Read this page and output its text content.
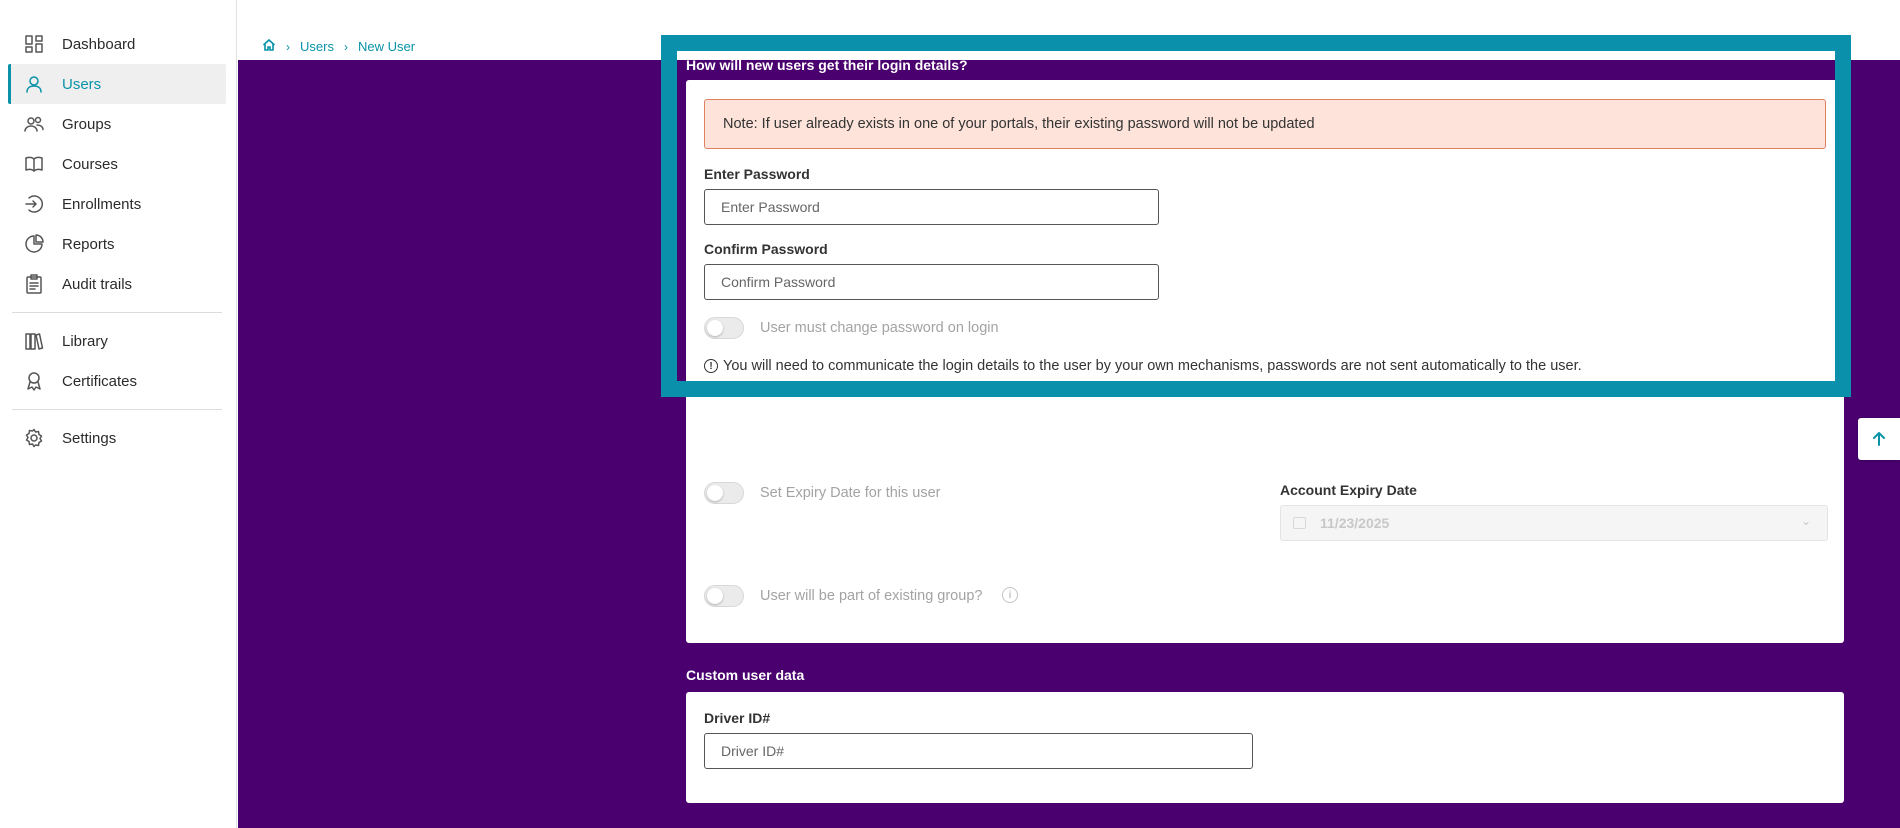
Dashboard
Users
Groups
Courses
Enrollments
Reports
Audit trails
Library
Certificates
Settings
› Users › New User
How will new users get their login details?
Note: If user already exists in one of your portals, their existing password will not be updated
Enter Password
Enter Password
Confirm Password
Confirm Password
User must change password on login
! You will need to communicate the login details to the user by your own mechanisms, passwords are not sent automatically to the user.
Set Expiry Date for this user	Account Expiry Date
11/23/2025	⌄
Group Member & Group Manage
User will be part of existing group?	i
Custom user data
Driver ID#
Driver ID#
